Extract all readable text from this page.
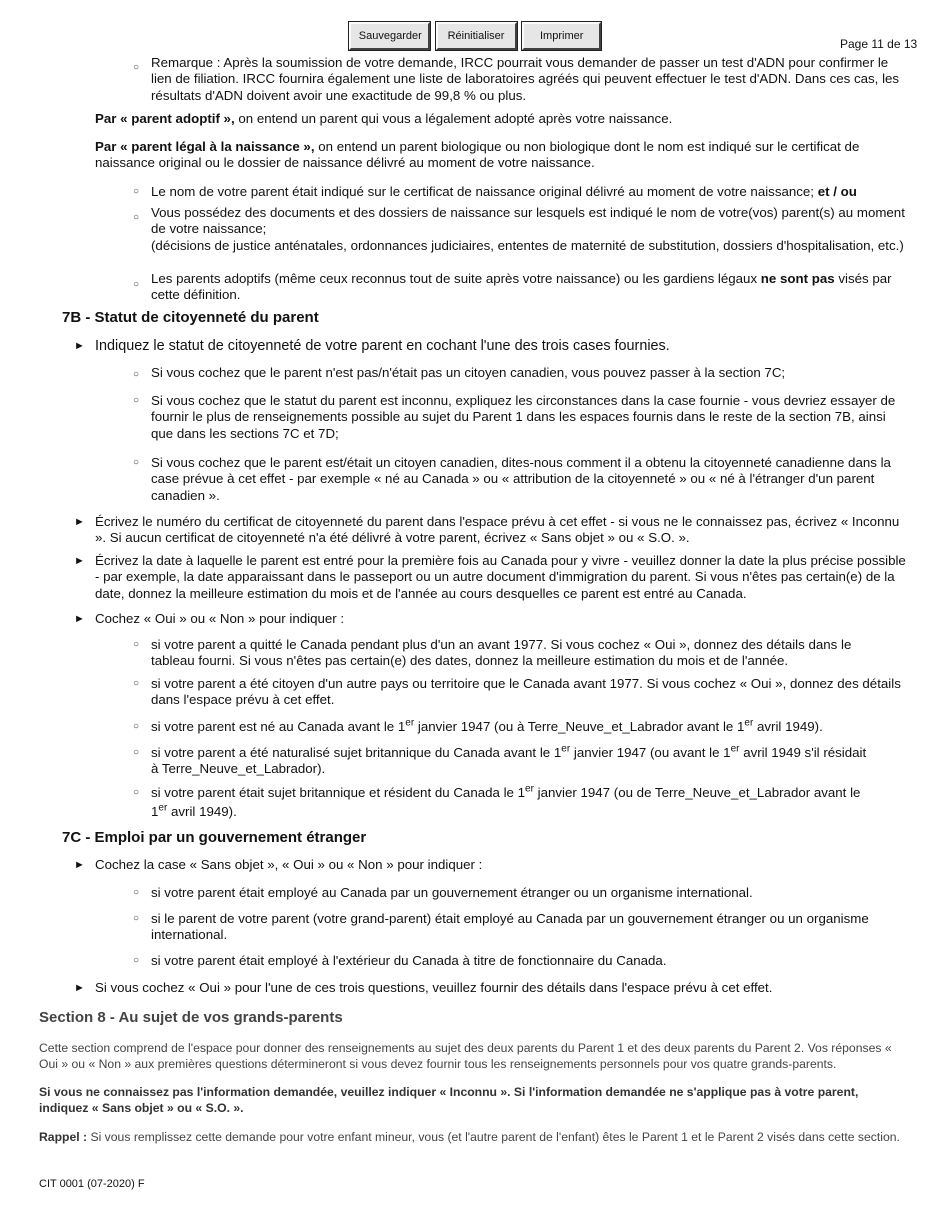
Sauvegarder Réinitialiser	Imprimer
Page 11 de 13
○ Remarque : Après la soumission de votre demande, IRCC pourrait vous demander de passer un test d'ADN pour confirmer le lien de filiation. IRCC fournira également une liste de laboratoires agréés qui peuvent effectuer le test d'ADN. Dans ces cas, les résultats d'ADN doivent avoir une exactitude de 99,8 % ou plus.
Par « parent adoptif », on entend un parent qui vous a légalement adopté après votre naissance.
Par « parent légal à la naissance », on entend un parent biologique ou non biologique dont le nom est indiqué sur le certificat de naissance original ou le dossier de naissance délivré au moment de votre naissance.
○ Le nom de votre parent était indiqué sur le certificat de naissance original délivré au moment de votre naissance; et / ou
○ Vous possédez des documents et des dossiers de naissance sur lesquels est indiqué le nom de votre(vos) parent(s) au moment de votre naissance;
(décisions de justice anténatales, ordonnances judiciaires, ententes de maternité de substitution, dossiers d'hospitalisation, etc.)
○ Les parents adoptifs (même ceux reconnus tout de suite après votre naissance) ou les gardiens légaux ne sont pas visés par cette définition.
7B - Statut de citoyenneté du parent
► Indiquez le statut de citoyenneté de votre parent en cochant l'une des trois cases fournies.
○ Si vous cochez que le parent n'est pas/n'était pas un citoyen canadien, vous pouvez passer à la section 7C;
○ Si vous cochez que le statut du parent est inconnu, expliquez les circonstances dans la case fournie - vous devriez essayer de fournir le plus de renseignements possible au sujet du Parent 1 dans les espaces fournis dans le reste de la section 7B, ainsi que dans les sections 7C et 7D;
○ Si vous cochez que le parent est/était un citoyen canadien, dites-nous comment il a obtenu la citoyenneté canadienne dans la case prévue à cet effet - par exemple « né au Canada » ou « attribution de la citoyenneté » ou « né à l'étranger d'un parent canadien ».
► Écrivez le numéro du certificat de citoyenneté du parent dans l'espace prévu à cet effet - si vous ne le connaissez pas, écrivez « Inconnu ». Si aucun certificat de citoyenneté n'a été délivré à votre parent, écrivez « Sans objet » ou « S.O. ».
► Écrivez la date à laquelle le parent est entré pour la première fois au Canada pour y vivre - veuillez donner la date la plus précise possible - par exemple, la date apparaissant dans le passeport ou un autre document d'immigration du parent. Si vous n'êtes pas certain(e) de la date, donnez la meilleure estimation du mois et de l'année au cours desquelles ce parent est entré au Canada.
► Cochez « Oui » ou « Non » pour indiquer :
○ si votre parent a quitté le Canada pendant plus d'un an avant 1977. Si vous cochez « Oui », donnez des détails dans le tableau fourni. Si vous n'êtes pas certain(e) des dates, donnez la meilleure estimation du mois et de l'année.
○ si votre parent a été citoyen d'un autre pays ou territoire que le Canada avant 1977. Si vous cochez « Oui », donnez des détails dans l'espace prévu à cet effet.
○ si votre parent est né au Canada avant le 1er janvier 1947 (ou à Terre_Neuve_et_Labrador avant le 1er avril 1949).
○ si votre parent a été naturalisé sujet britannique du Canada avant le 1er janvier 1947 (ou avant le 1er avril 1949 s'il résidait
à Terre_Neuve_et_Labrador).
○ si votre parent était sujet britannique et résident du Canada le 1er janvier 1947 (ou de Terre_Neuve_et_Labrador avant le
1er avril 1949).
7C - Emploi par un gouvernement étranger
► Cochez la case « Sans objet », « Oui » ou « Non » pour indiquer :
○ si votre parent était employé au Canada par un gouvernement étranger ou un organisme international.
○ si le parent de votre parent (votre grand-parent) était employé au Canada par un gouvernement étranger ou un organisme international.
○ si votre parent était employé à l'extérieur du Canada à titre de fonctionnaire du Canada.
► Si vous cochez « Oui » pour l'une de ces trois questions, veuillez fournir des détails dans l'espace prévu à cet effet.
Section 8 - Au sujet de vos grands-parents
Cette section comprend de l'espace pour donner des renseignements au sujet des deux parents du Parent 1 et des deux parents du Parent 2. Vos réponses « Oui » ou « Non » aux premières questions détermineront si vous devez fournir tous les renseignements personnels pour vos quatre grands-parents.
Si vous ne connaissez pas l'information demandée, veuillez indiquer « Inconnu ». Si l'information demandée ne s'applique pas à votre parent, indiquez « Sans objet » ou « S.O. ».
Rappel : Si vous remplissez cette demande pour votre enfant mineur, vous (et l'autre parent de l'enfant) êtes le Parent 1 et le Parent 2 visés dans cette section.
CIT 0001 (07-2020) F
